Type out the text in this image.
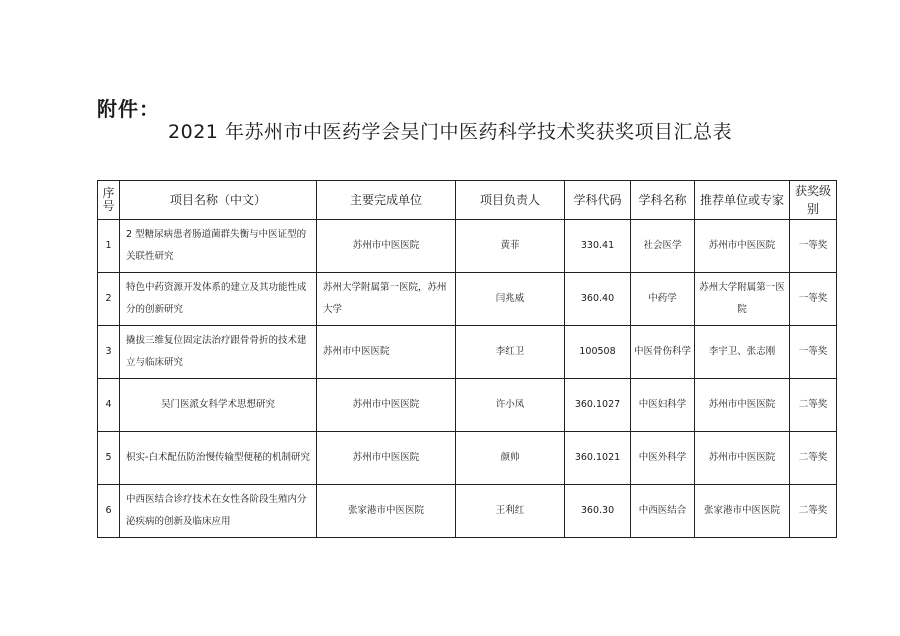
附件：
2021 年苏州市中医药学会吴门中医药科学技术奖获奖项目汇总表
序号	项目名称（中文）	主要完成单位	项目负责人	学科代码	学科名称	推荐单位或专家	获奖级别
1	2 型糖尿病患者肠道菌群失衡与中医证型的关联性研究	苏州市中医医院	黄菲	330.41	社会医学	苏州市中医医院	一等奖
2	特色中药资源开发体系的建立及其功能性成分的创新研究	苏州大学附属第一医院，苏州大学	闫兆威	360.40	中药学	苏州大学附属第一医院	一等奖
3	撬拔三维复位固定法治疗跟骨骨折的技术建立与临床研究	苏州市中医医院	李红卫	100508	中医骨伤科学	李宇卫、张志刚	一等奖
4	吴门医派女科学术思想研究	苏州市中医医院	许小凤	360.1027	中医妇科学	苏州市中医医院	二等奖
5	枳实-白术配伍防治慢传输型便秘的机制研究	苏州市中医医院	颜帅	360.1021	中医外科学	苏州市中医医院	二等奖
6	中西医结合诊疗技术在女性各阶段生殖内分泌疾病的创新及临床应用	张家港市中医医院	王利红	360.30	中西医结合	张家港市中医医院	二等奖
